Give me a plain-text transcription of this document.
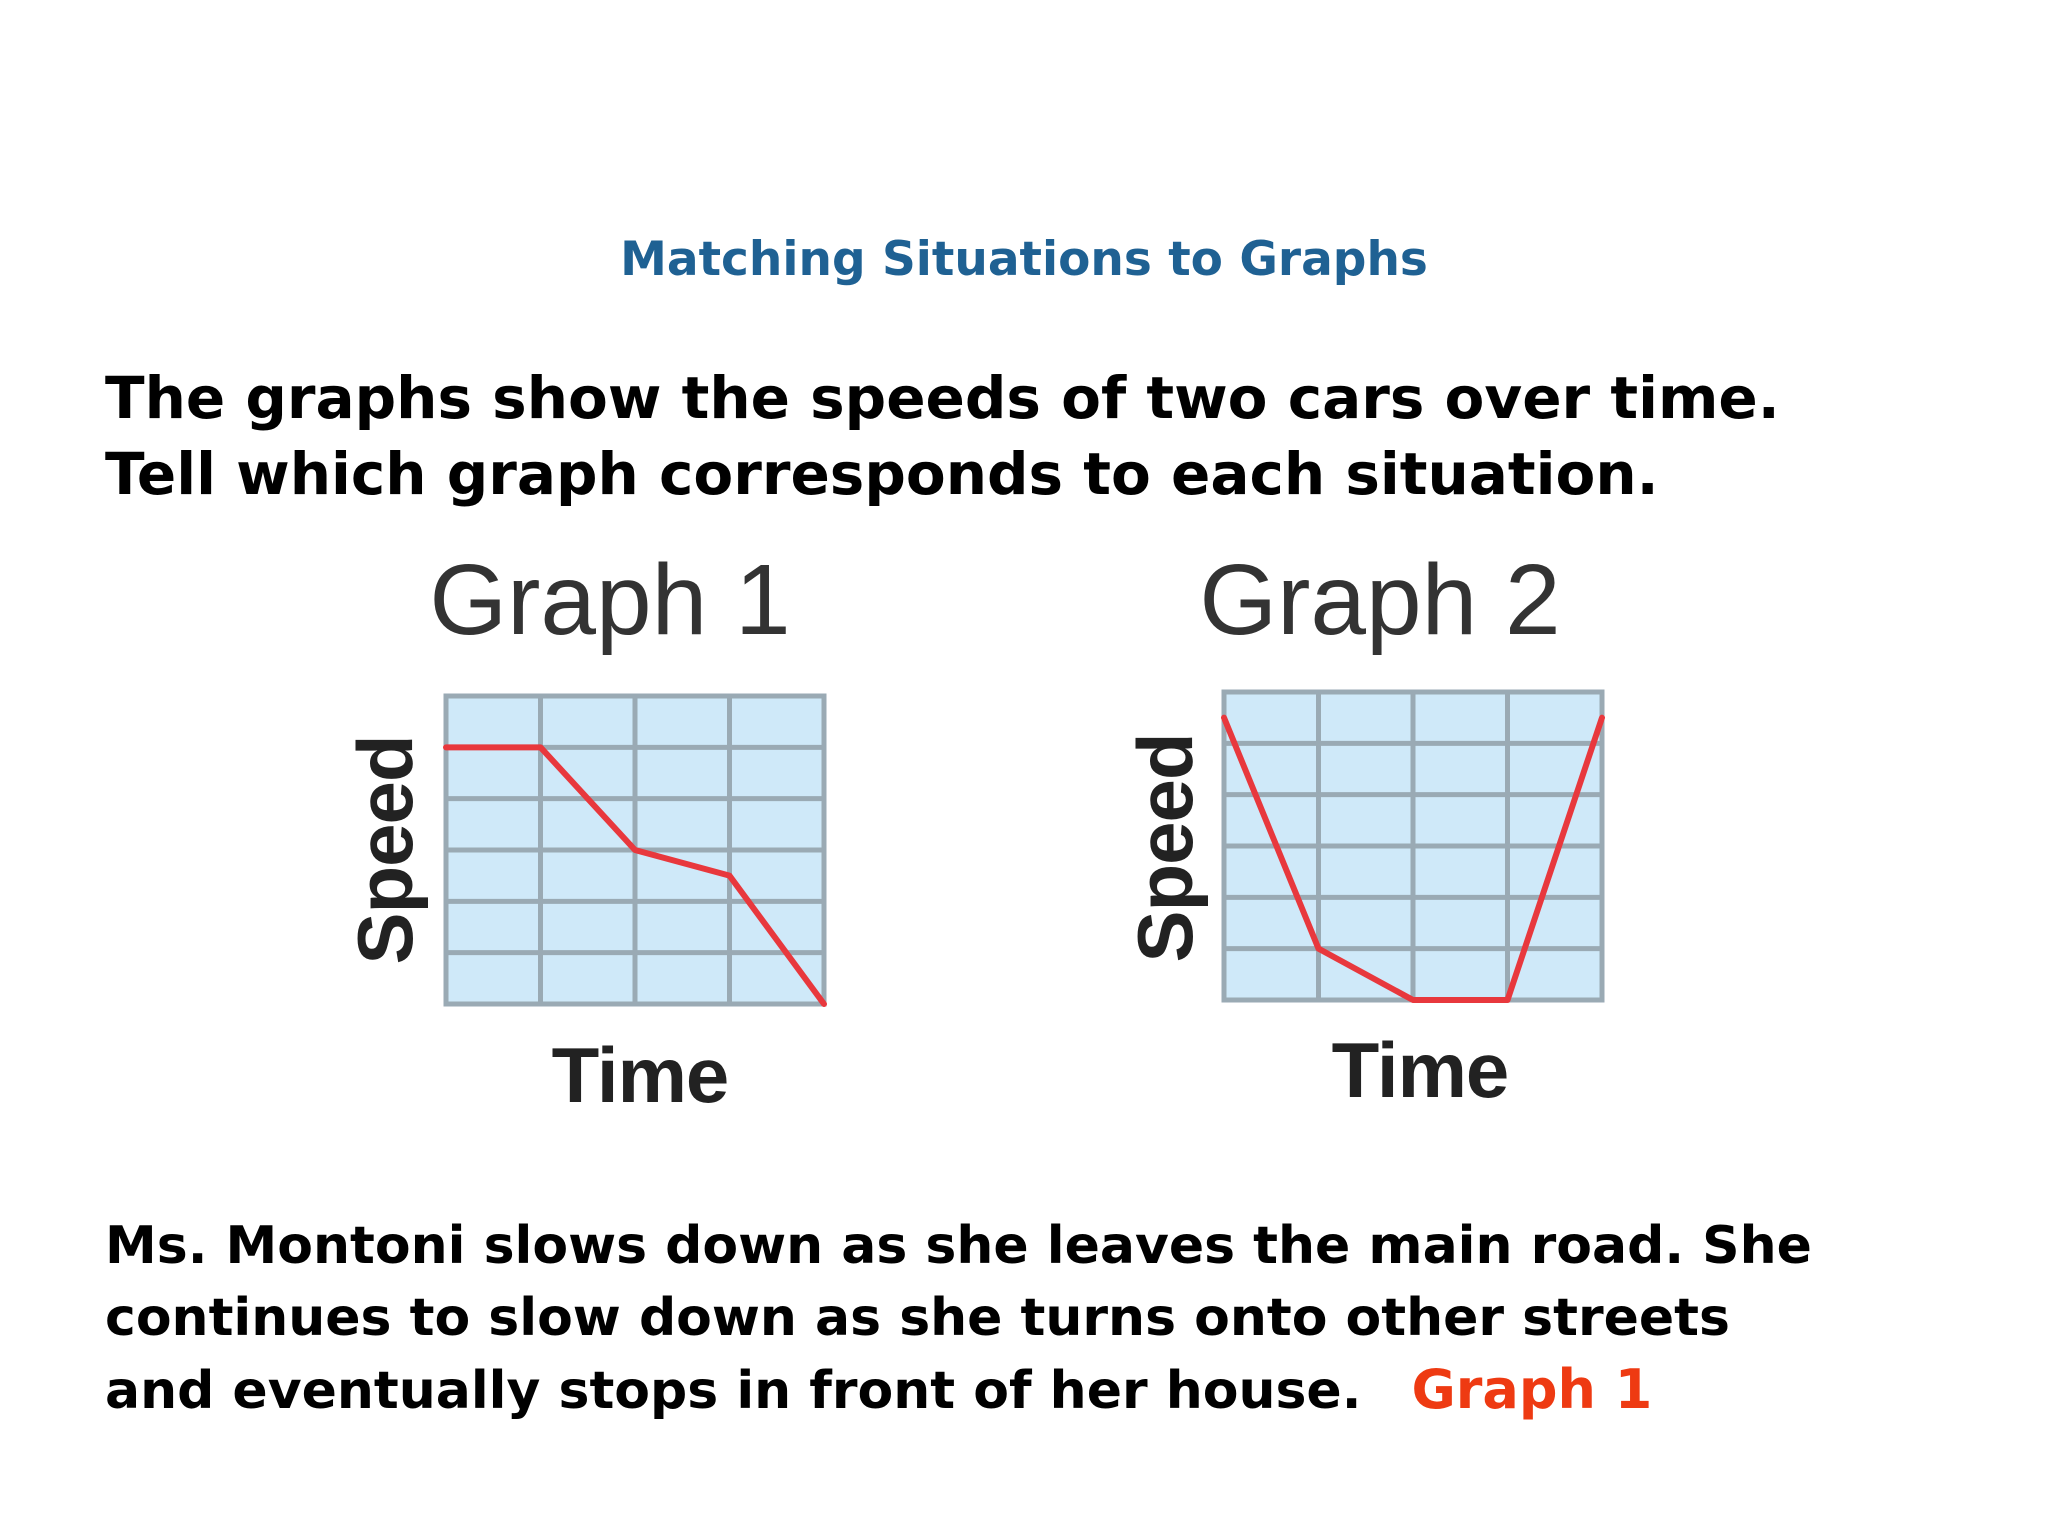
Matching Situations to Graphs
The graphs show the speeds of two cars over time.
Tell which graph corresponds to each situation.
Graph 1
Speed
Time
Graph 2
Speed
Time
Ms. Montoni slows down as she leaves the main road. She
continues to slow down as she turns onto other streets
and eventually stops in front of her house. Graph 1
